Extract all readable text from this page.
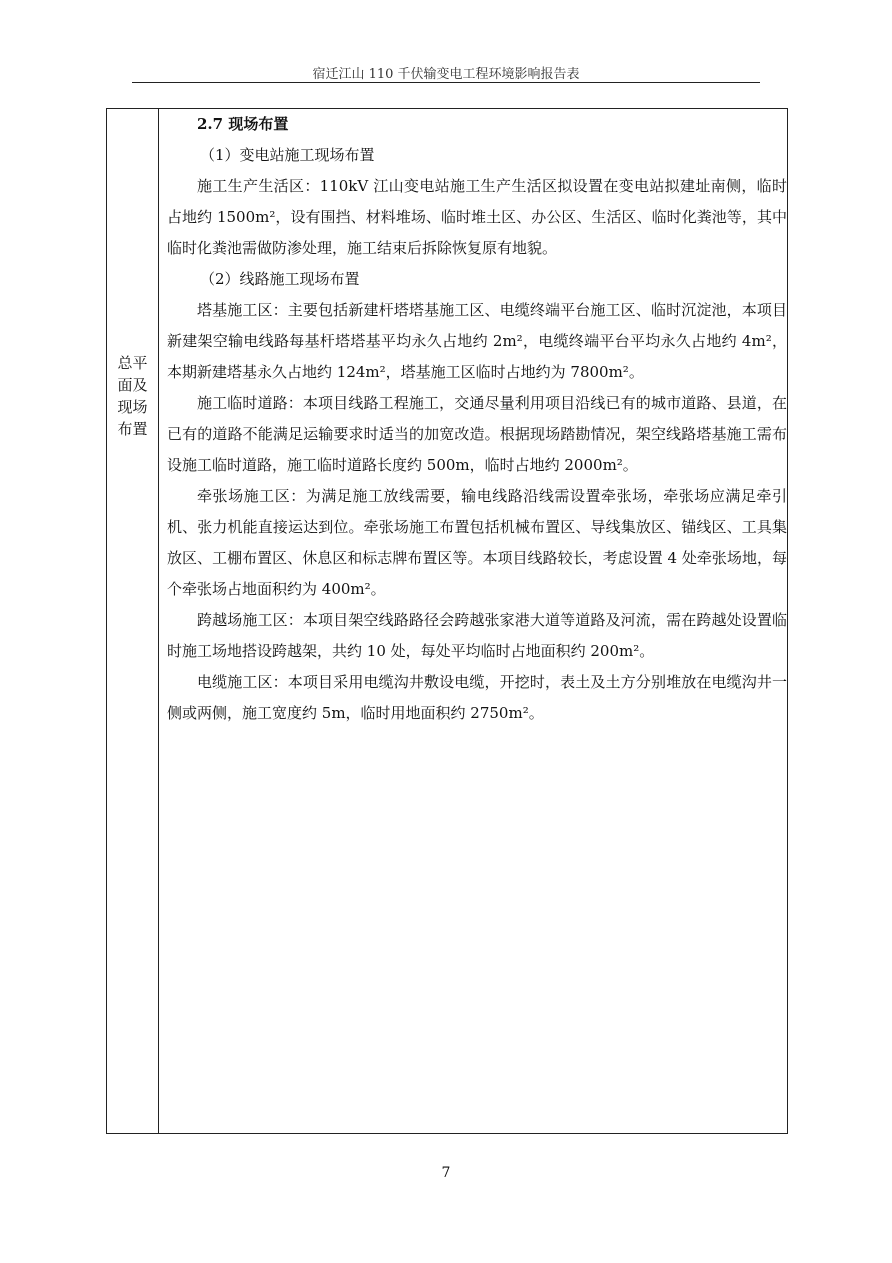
宿迁江山 110 千伏输变电工程环境影响报告表
总平
面及
现场
布置

2.7 现场布置

（1）变电站施工现场布置

施工生产生活区：110kV 江山变电站施工生产生活区拟设置在变电站拟建址南侧，临时占地约 1500m²，设有围挡、材料堆场、临时堆土区、办公区、生活区、临时化粪池等，其中临时化粪池需做防渗处理，施工结束后拆除恢复原有地貌。

（2）线路施工现场布置

塔基施工区：主要包括新建杆塔塔基施工区、电缆终端平台施工区、临时沉淀池，本项目新建架空输电线路每基杆塔塔基平均永久占地约 2m²，电缆终端平台平均永久占地约 4m²，本期新建塔基永久占地约 124m²，塔基施工区临时占地约为 7800m²。

施工临时道路：本项目线路工程施工，交通尽量利用项目沿线已有的城市道路、县道，在已有的道路不能满足运输要求时适当的加宽改造。根据现场踏勘情况，架空线路塔基施工需布设施工临时道路，施工临时道路长度约 500m，临时占地约 2000m²。

牵张场施工区：为满足施工放线需要，输电线路沿线需设置牵张场，牵张场应满足牵引机、张力机能直接运达到位。牵张场施工布置包括机械布置区、导线集放区、锚线区、工具集放区、工棚布置区、休息区和标志牌布置区等。本项目线路较长，考虑设置 4 处牵张场地，每个牵张场占地面积约为 400m²。

跨越场施工区：本项目架空线路路径会跨越张家港大道等道路及河流，需在跨越处设置临时施工场地搭设跨越架，共约 10 处，每处平均临时占地面积约 200m²。

电缆施工区：本项目采用电缆沟井敷设电缆，开挖时，表土及土方分别堆放在电缆沟井一侧或两侧，施工宽度约 5m，临时用地面积约 2750m²。

7
